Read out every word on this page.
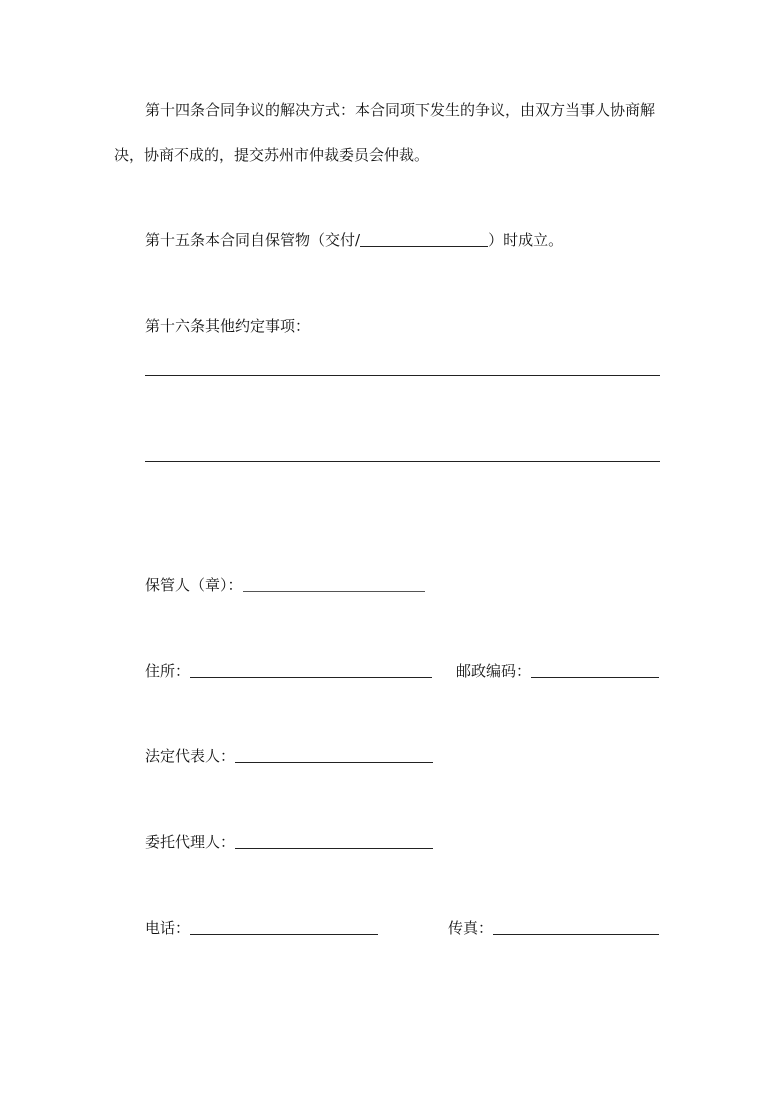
第十四条合同争议的解决方式：本合同项下发生的争议，由双方当事人协商解
决，协商不成的，提交苏州市仲裁委员会仲裁。
第十五条本合同自保管物（交付/	）时成立。
第十六条其他约定事项：
保管人（章）：
住所：	邮政编码：
法定代表人：
委托代理人：
电话：	传真：
